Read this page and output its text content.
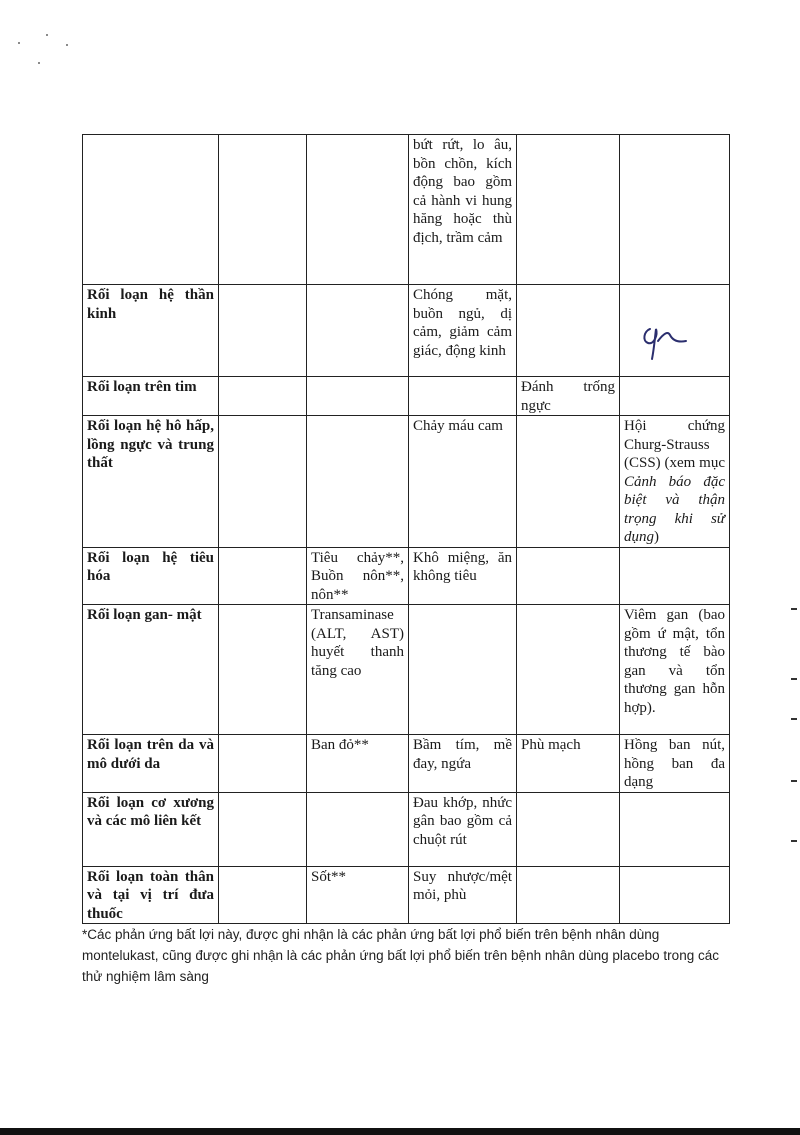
			bứt rứt, lo âu, bồn chồn, kích động bao gồm cả hành vi hung hăng hoặc thù địch, trầm cảm		
Rối loạn hệ thần kinh			Chóng mặt, buồn ngủ, dị cảm, giảm cảm giác, động kinh		
Rối loạn trên tim				Đánh trống ngực	
Rối loạn hệ hô hấp, lồng ngực và trung thất			Chảy máu cam		Hội chứng Churg-Strauss (CSS) (xem mục Cảnh báo đặc biệt và thận trọng khi sử dụng)
Rối loạn hệ tiêu hóa		Tiêu chảy**, Buồn nôn**, nôn**	Khô miệng, ăn không tiêu		
Rối loạn gan- mật		Transaminase (ALT, AST) huyết thanh tăng cao			Viêm gan (bao gồm ứ mật, tổn thương tế bào gan và tổn thương gan hỗn hợp).
Rối loạn trên da và mô dưới da		Ban đỏ**	Bầm tím, mề đay, ngứa	Phù mạch	Hồng ban nút, hồng ban đa dạng
Rối loạn cơ xương và các mô liên kết			Đau khớp, nhức gân bao gồm cả chuột rút		
Rối loạn toàn thân và tại vị trí đưa thuốc		Sốt**	Suy nhược/mệt mỏi, phù		
*Các phản ứng bất lợi này, được ghi nhận là các phản ứng bất lợi phổ biến trên bệnh nhân dùng montelukast, cũng được ghi nhận là các phản ứng bất lợi phổ biến trên bệnh nhân dùng placebo trong các thử nghiệm lâm sàng
